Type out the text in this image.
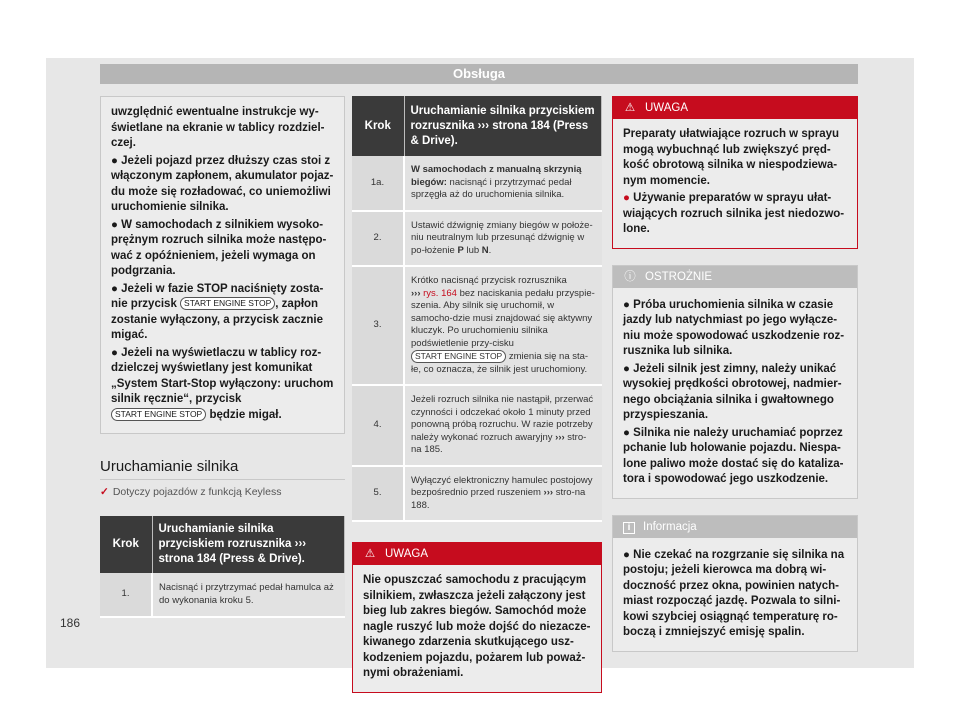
Obsługa
uwzględnić ewentualne instrukcje wy-świetlane na ekranie w tablicy rozdziel-czej.
● Jeżeli pojazd przez dłuższy czas stoi z włączonym zapłonem, akumulator pojaz-du może się rozładować, co uniemożliwi uruchomienie silnika.
● W samochodach z silnikiem wysoko-prężnym rozruch silnika może następo-wać z opóźnieniem, jeżeli wymaga on podgrzania.
● Jeżeli w fazie STOP naciśnięty zosta-nie przycisk START ENGINE STOP , zapłon zostanie wyłączony, a przycisk zacznie migać.
● Jeżeli na wyświetlaczu w tablicy roz-dzielczej wyświetlany jest komunikat „System Start-Stop wyłączony: uruchom silnik ręcznie“, przycisk START ENGINE STOP będzie migał.
Uruchamianie silnika
✓ Dotyczy pojazdów z funkcją Keyless
Krok	Uruchamianie silnika przyciskiem rozrusznika ››› strona 184 (Press & Drive).
1.	Nacisnąć i przytrzymać pedał hamulca aż do wykonania kroku 5.
Krok	Uruchamianie silnika przyciskiem rozrusznika ››› strona 184 (Press & Drive).
1a.	W samochodach z manualną skrzynią biegów: nacisnąć i przytrzymać pedał sprzęgła aż do uruchomienia silnika.
2.	Ustawić dźwignię zmiany biegów w położe-niu neutralnym lub przesunąć dźwignię w po-łożenie P lub N.
3.	Krótko nacisnąć przycisk rozrusznika
››› rys. 164 bez naciskania pedału przyspie-szenia. Aby silnik się uruchomił, w samocho-dzie musi znajdować się aktywny kluczyk. Po uruchomieniu silnika podświetlenie przy-cisku START ENGINE STOP zmienia się na sta-łe, co oznacza, że silnik jest uruchomiony.
4.	Jeżeli rozruch silnika nie nastąpił, przerwać czynności i odczekać około 1 minuty przed ponowną próbą rozruchu. W razie potrzeby należy wykonać rozruch awaryjny ››› stro-na 185.
5.	Wyłączyć elektroniczny hamulec postojowy bezpośrednio przed ruszeniem ››› stro-na 188.
⚠ UWAGA
Nie opuszczać samochodu z pracującym silnikiem, zwłaszcza jeżeli załączony jest bieg lub zakres biegów. Samochód może nagle ruszyć lub może dojść do niezacze-kiwanego zdarzenia skutkującego usz-kodzeniem pojazdu, pożarem lub poważ-nymi obrażeniami.
⚠ UWAGA
Preparaty ułatwiające rozruch w sprayu mogą wybuchnąć lub zwiększyć pręd-kość obrotową silnika w niespodziewa-nym momencie.
● Używanie preparatów w sprayu ułat-wiających rozruch silnika jest niedozwo-lone.
ⓘ OSTROŻNIE
● Próba uruchomienia silnika w czasie jazdy lub natychmiast po jego wyłącze-niu może spowodować uszkodzenie roz-rusznika lub silnika.
● Jeżeli silnik jest zimny, należy unikać wysokiej prędkości obrotowej, nadmier-nego obciążania silnika i gwałtownego przyspieszania.
● Silnika nie należy uruchamiać poprzez pchanie lub holowanie pojazdu. Niespa-lone paliwo może dostać się do kataliza-tora i spowodować jego uszkodzenie.
i Informacja
● Nie czekać na rozgrzanie się silnika na postoju; jeżeli kierowca ma dobrą wi-doczność przez okna, powinien natych-miast rozpocząć jazdę. Pozwala to silni-kowi szybciej osiągnąć temperaturę ro-boczą i zmniejszyć emisję spalin.
186
